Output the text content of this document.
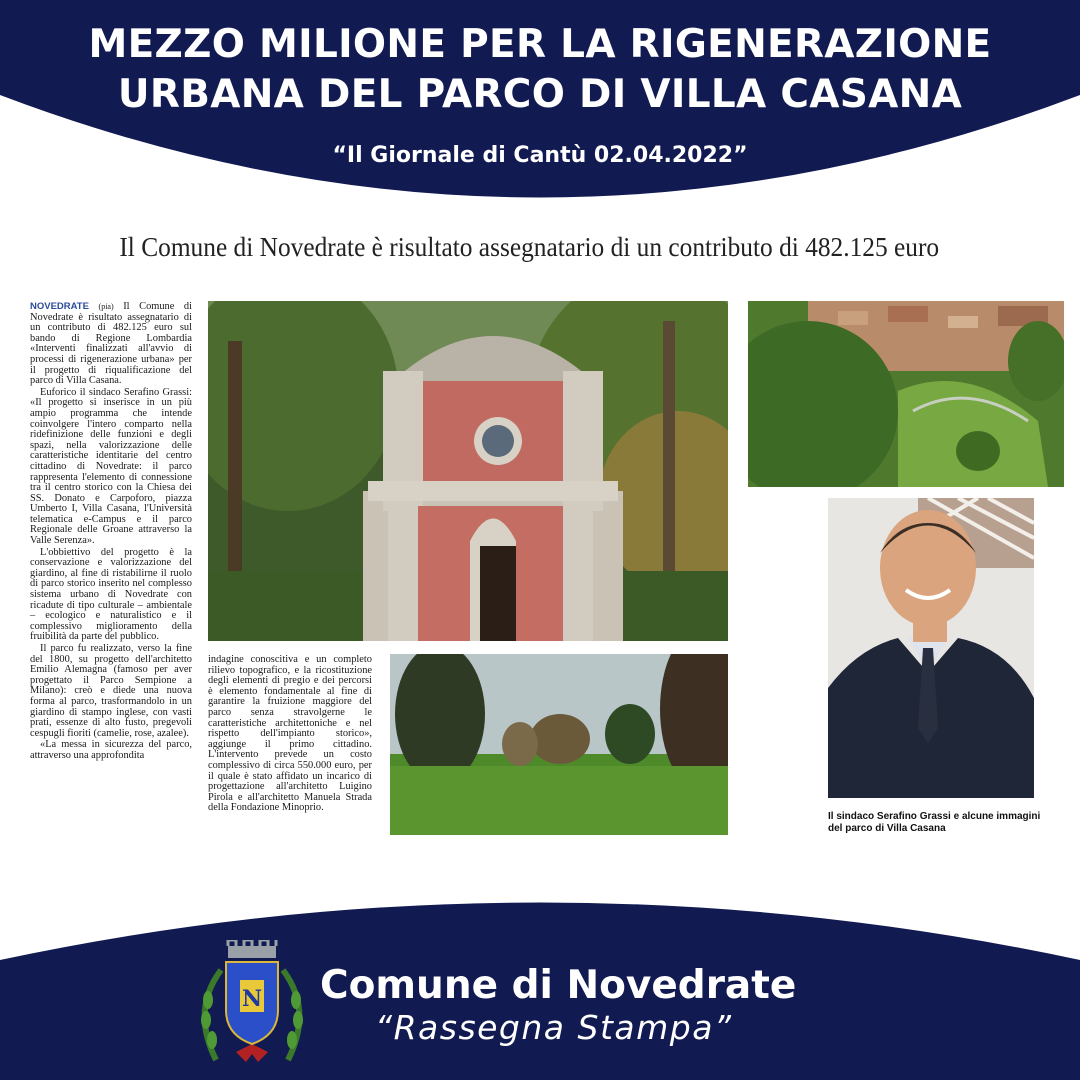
MEZZO MILIONE PER LA RIGENERAZIONE
URBANA DEL PARCO DI VILLA CASANA
“Il Giornale di Cantù 02.04.2022”
Il Comune di Novedrate è risultato assegnatario di un contributo di 482.125 euro

NOVEDRATE (pia) Il Comune di Novedrate è risultato assegnatario di un contributo di 482.125 euro sul bando di Regione Lombardia «Interventi finalizzati all'avvio di processi di rigenerazione urbana» per il progetto di riqualificazione del parco di Villa Casana.

Euforico il sindaco Serafino Grassi: «Il progetto si inserisce in un più ampio programma che intende coinvolgere l'intero comparto nella ridefinizione delle funzioni e degli spazi, nella valorizzazione delle caratteristiche identitarie del centro cittadino di Novedrate: il parco rappresenta l'elemento di connessione tra il centro storico con la Chiesa dei SS. Donato e Carpoforo, piazza Umberto I, Villa Casana, l'Università telematica e-Campus e il parco Regionale delle Groane attraverso la Valle Serenza».

L'obbiettivo del progetto è la conservazione e valorizzazione del giardino, al fine di ristabilirne il ruolo di parco storico inserito nel complesso sistema urbano di Novedrate con ricadute di tipo culturale – ambientale – ecologico e naturalistico e il complessivo miglioramento della fruibilità da parte del pubblico.

Il parco fu realizzato, verso la fine del 1800, su progetto dell'architetto Emilio Alemagna (famoso per aver progettato il Parco Sempione a Milano): creò e diede una nuova forma al parco, trasformandolo in un giardino di stampo inglese, con vasti prati, essenze di alto fusto, pregevoli cespugli fioriti (camelie, rose, azalee).

«La messa in sicurezza del parco, attraverso una approfondita

indagine conoscitiva e un completo rilievo topografico, e la ricostituzione degli elementi di pregio e dei percorsi è elemento fondamentale al fine di garantire la fruizione maggiore del parco senza stravolgerne le caratteristiche architettoniche e nel rispetto dell'impianto storico», aggiunge il primo cittadino. L'intervento prevede un costo complessivo di circa 550.000 euro, per il quale è stato affidato un incarico di progettazione all'architetto Luigino Pirola e all'architetto Manuela Strada della Fondazione Minoprio.

Il sindaco Serafino Grassi e alcune immagini del parco di Villa Casana
N Comune di Novedrate
“Rassegna Stampa”
